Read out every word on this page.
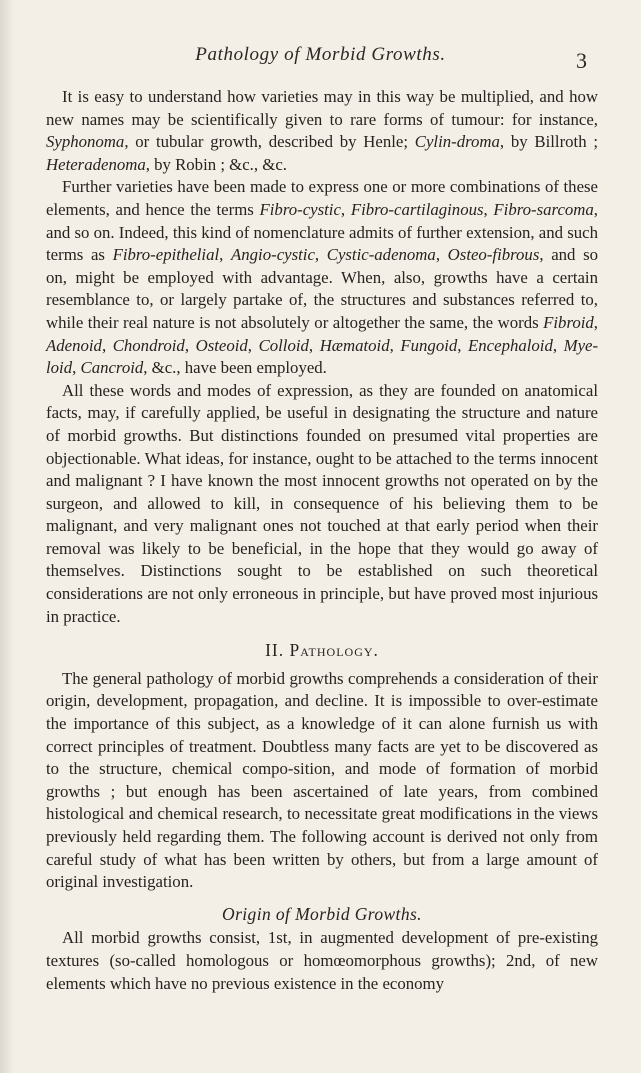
Pathology of Morbid Growths.	3

It is easy to understand how varieties may in this way be multiplied, and how new names may be scientifically given to rare forms of tumour: for instance, Syphonoma, or tubular growth, described by Henle; Cylin-droma, by Billroth ; Heteradenoma, by Robin ; &c., &c.

Further varieties have been made to express one or more combinations of these elements, and hence the terms Fibro-cystic, Fibro-cartilaginous, Fibro-sarcoma, and so on. Indeed, this kind of nomenclature admits of further extension, and such terms as Fibro-epithelial, Angio-cystic, Cystic-adenoma, Osteo-fibrous, and so on, might be employed with advantage. When, also, growths have a certain resemblance to, or largely partake of, the structures and substances referred to, while their real nature is not absolutely or altogether the same, the words Fibroid, Adenoid, Chondroid, Osteoid, Colloid, Hæmatoid, Fungoid, Encephaloid, Mye-loid, Cancroid, &c., have been employed.

All these words and modes of expression, as they are founded on anatomical facts, may, if carefully applied, be useful in designating the structure and nature of morbid growths. But distinctions founded on presumed vital properties are objectionable. What ideas, for instance, ought to be attached to the terms innocent and malignant ? I have known the most innocent growths not operated on by the surgeon, and allowed to kill, in consequence of his believing them to be malignant, and very malignant ones not touched at that early period when their removal was likely to be beneficial, in the hope that they would go away of themselves. Distinctions sought to be established on such theoretical considerations are not only erroneous in principle, but have proved most injurious in practice.

II. Pathology.

The general pathology of morbid growths comprehends a consideration of their origin, development, propagation, and decline. It is impossible to over-estimate the importance of this subject, as a knowledge of it can alone furnish us with correct principles of treatment. Doubtless many facts are yet to be discovered as to the structure, chemical compo-sition, and mode of formation of morbid growths ; but enough has been ascertained of late years, from combined histological and chemical research, to necessitate great modifications in the views previously held regarding them. The following account is derived not only from careful study of what has been written by others, but from a large amount of original investigation.

Origin of Morbid Growths.

All morbid growths consist, 1st, in augmented development of pre-existing textures (so-called homologous or homœomorphous growths); 2nd, of new elements which have no previous existence in the economy
